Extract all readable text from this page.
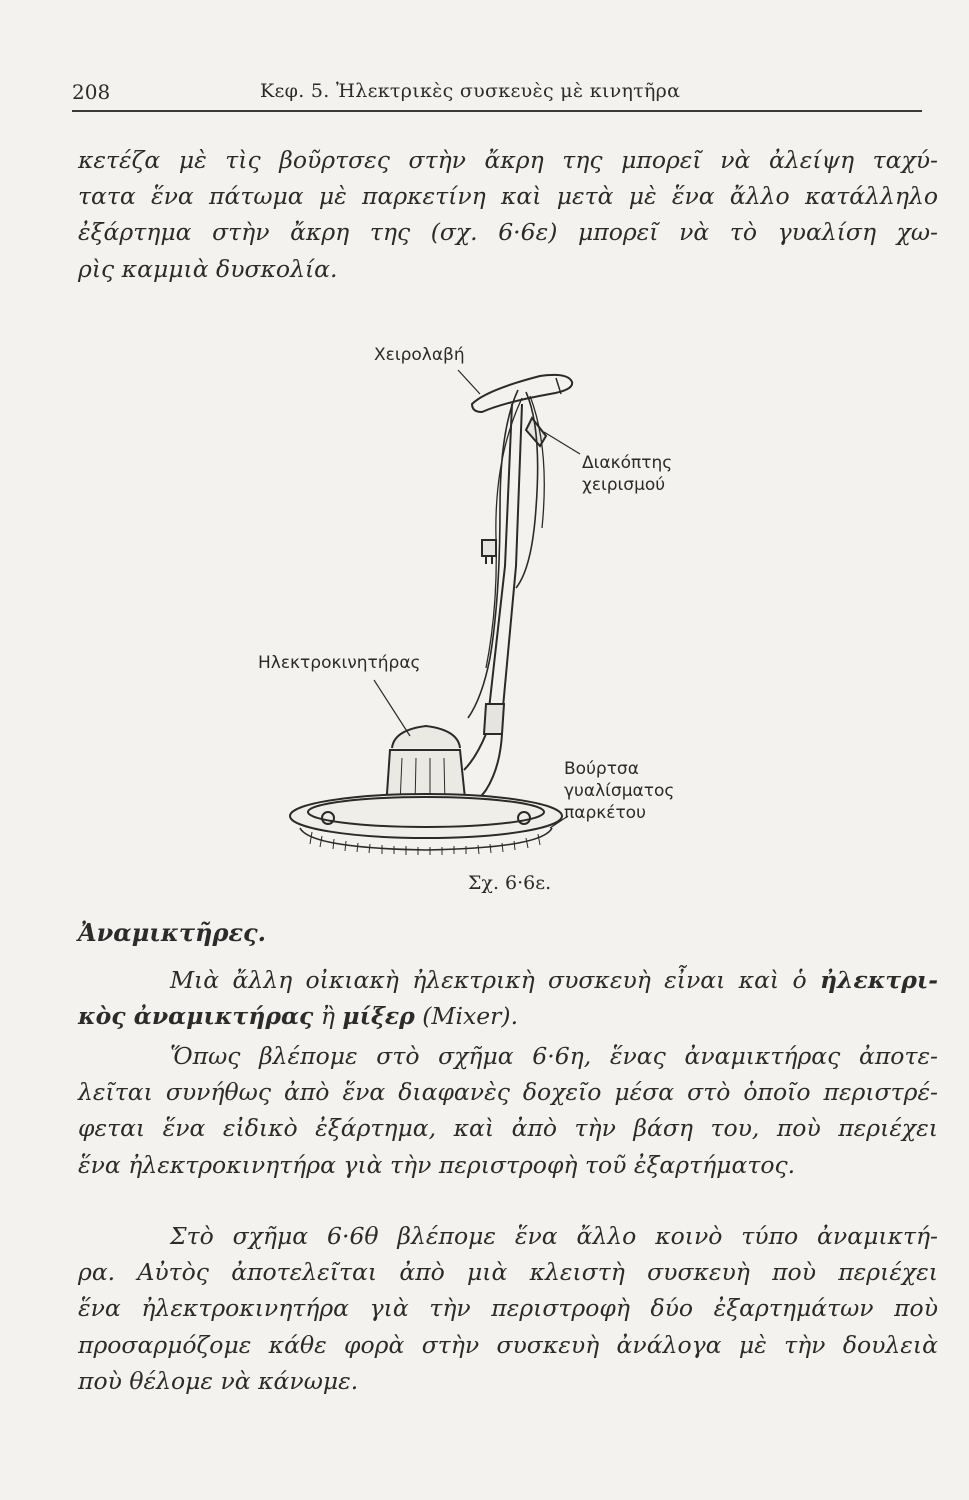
208	Κεφ. 5. Ἠλεκτρικὲς συσκευὲς μὲ κινητῆρα
κετέζα μὲ τὶς βοῦρτσες στὴν ἄκρη της μπορεῖ νὰ ἀλείψη ταχύ-
τατα ἕνα πάτωμα μὲ παρκετίνη καὶ μετὰ μὲ ἕνα ἄλλο κατάλληλο
ἐξάρτημα στὴν ἄκρη της (σχ. 6·6ε) μπορεῖ νὰ τὸ γυαλίση χω-
ρὶς καμμιὰ δυσκολία.
Χειρολαβή
Διακόπτης
χειρισμού
Ηλεκτροκινητήρας
Βούρτσα
γυαλίσματος
παρκέτου
Σχ. 6·6ε.
Ἀναμικτῆρες.
Μιὰ ἄλλη οἰκιακὴ ἠλεκτρικὴ συσκευὴ εἶναι καὶ ὁ ἠλεκτρι-
κὸς ἀναμικτήρας ἢ μίξερ (Mixer).
Ὅπως βλέπομε στὸ σχῆμα 6·6η, ἕνας ἀναμικτήρας ἀποτε-
λεῖται συνήθως ἀπὸ ἕνα διαφανὲς δοχεῖο μέσα στὸ ὁποῖο περιστρέ-
φεται ἕνα εἰδικὸ ἐξάρτημα, καὶ ἀπὸ τὴν βάση του, ποὺ περιέχει
ἕνα ἠλεκτροκινητήρα γιὰ τὴν περιστροφὴ τοῦ ἐξαρτήματος.
Στὸ σχῆμα 6·6θ βλέπομε ἕνα ἄλλο κοινὸ τύπο ἀναμικτή-
ρα. Αὐτὸς ἀποτελεῖται ἀπὸ μιὰ κλειστὴ συσκευὴ ποὺ περιέχει
ἕνα ἠλεκτροκινητήρα γιὰ τὴν περιστροφὴ δύο ἐξαρτημάτων ποὺ
προσαρμόζομε κάθε φορὰ στὴν συσκευὴ ἀνάλογα μὲ τὴν δουλειὰ
ποὺ θέλομε νὰ κάνωμε.
